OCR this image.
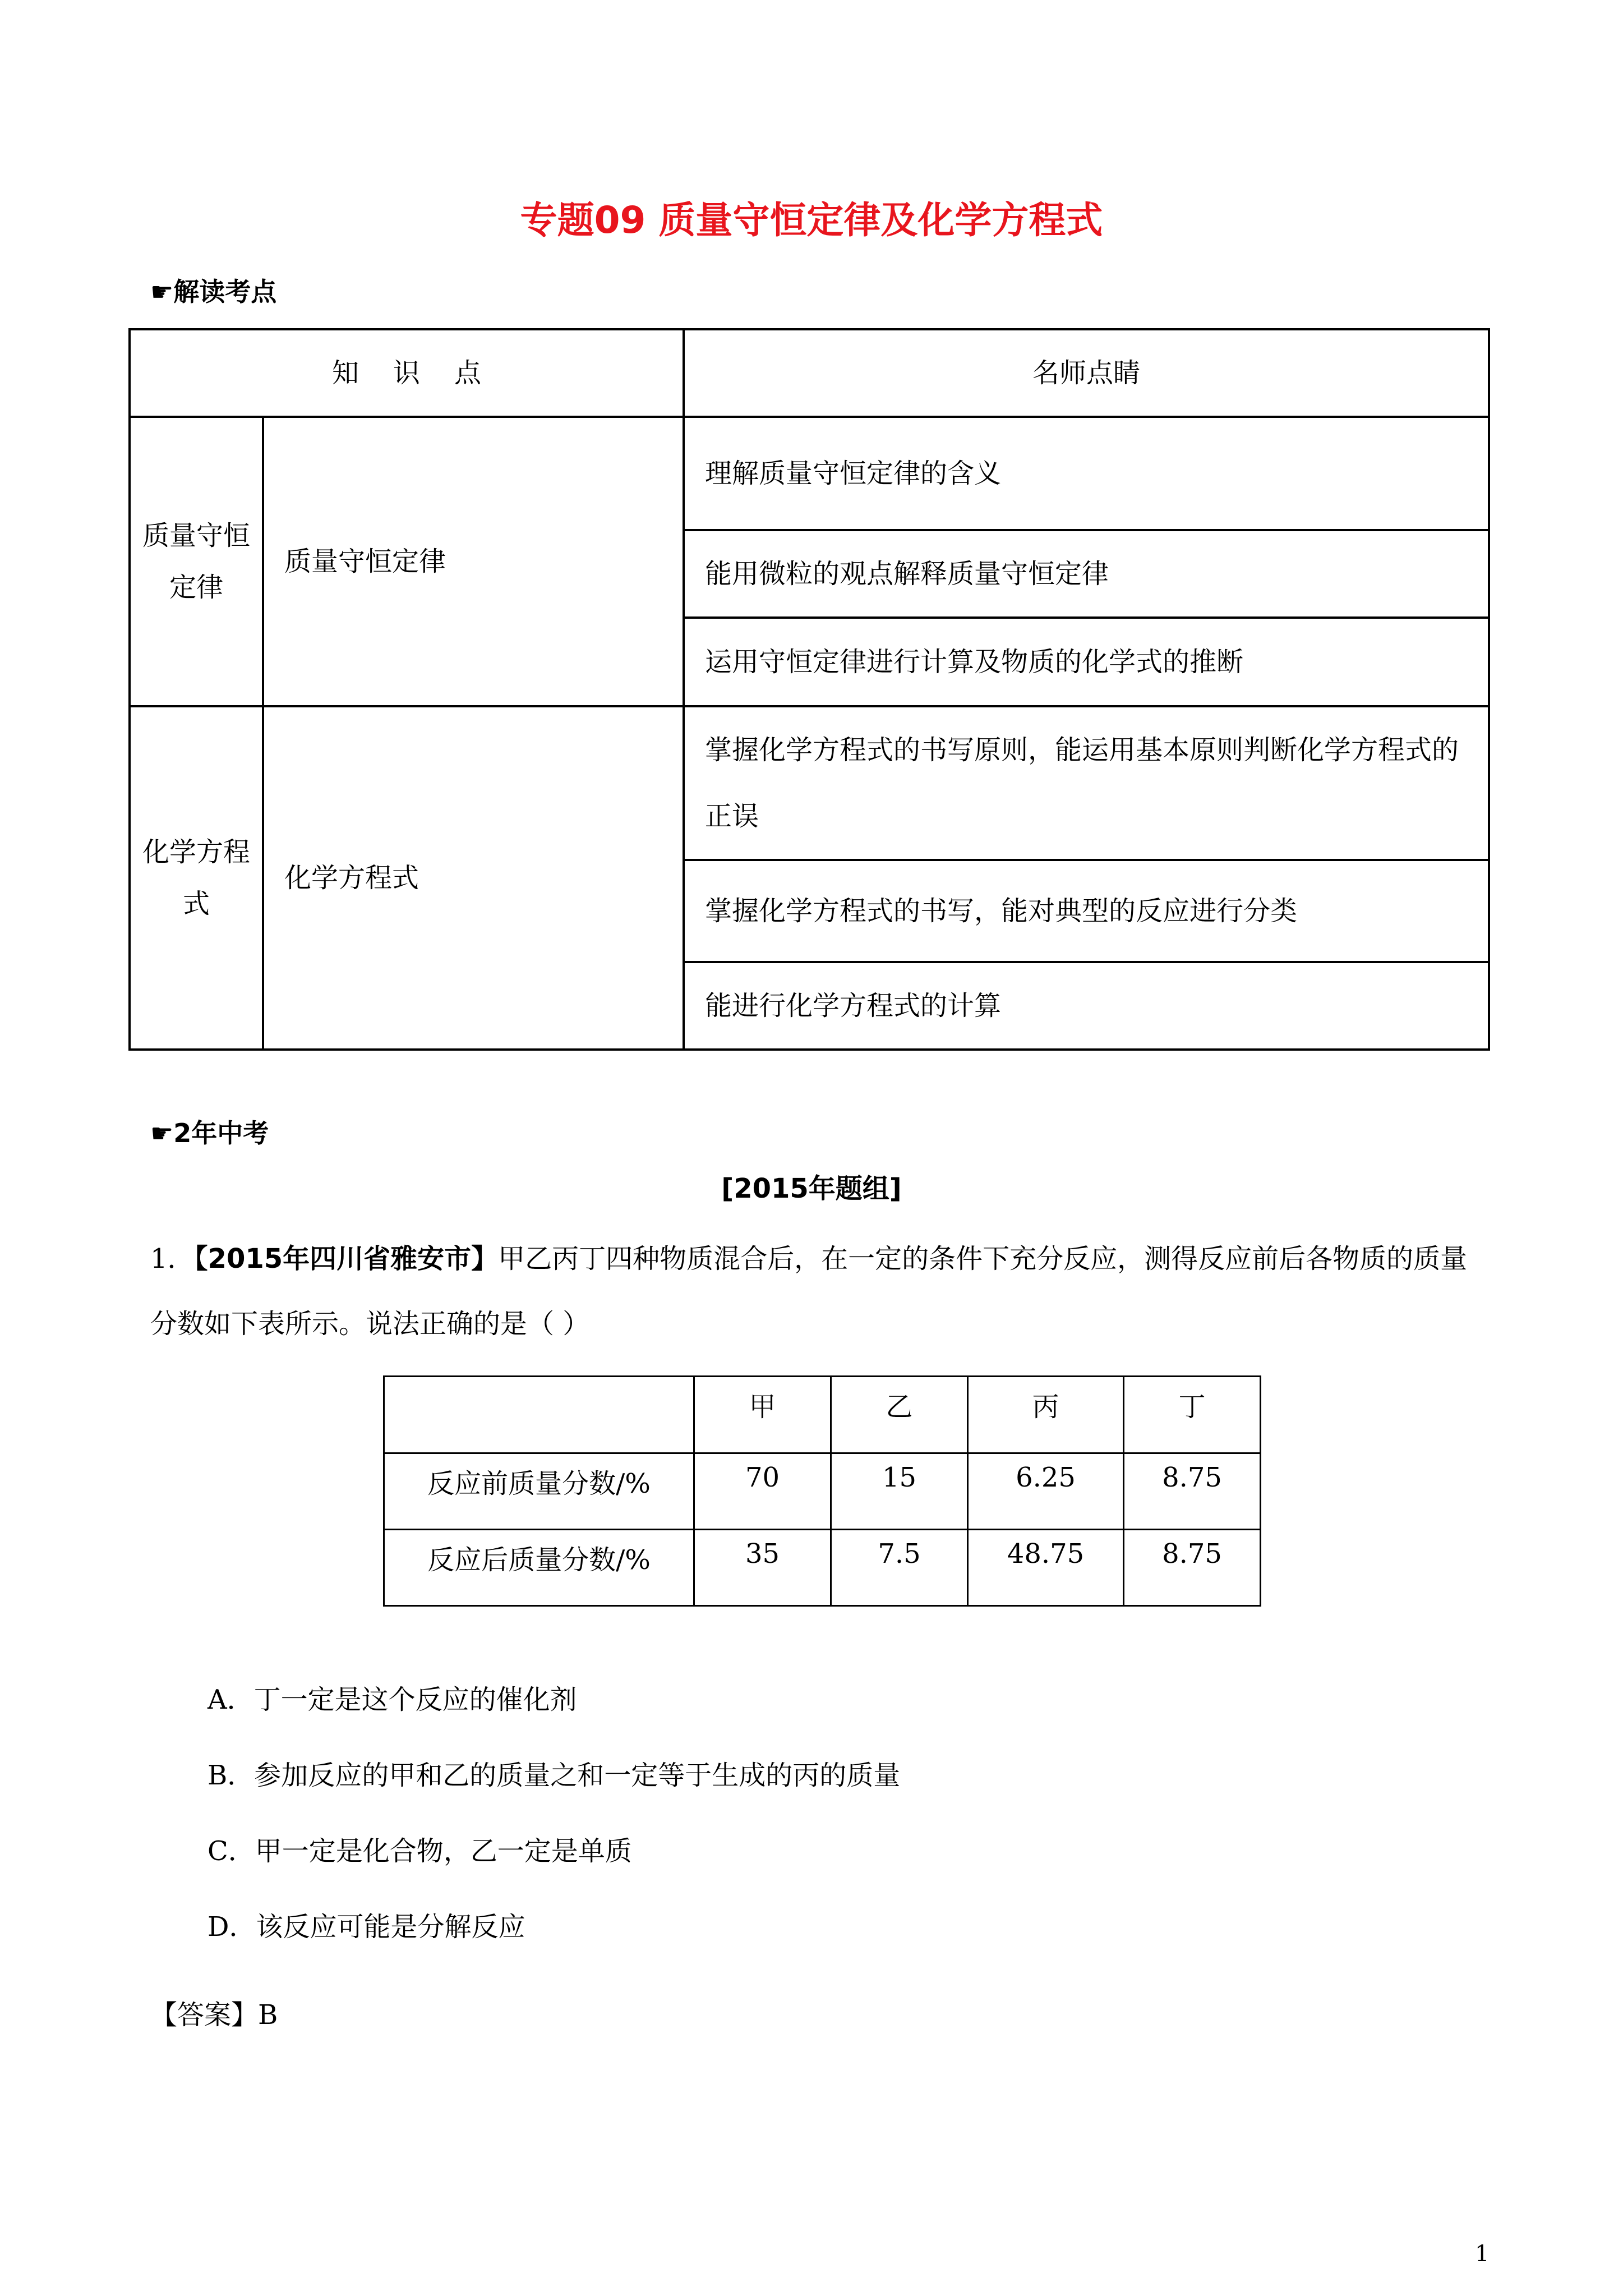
专题09 质量守恒定律及化学方程式
☛解读考点
知    识    点		名师点睛
质量守恒定律	质量守恒定律	理解质量守恒定律的含义
		能用微粒的观点解释质量守恒定律
		运用守恒定律进行计算及物质的化学式的推断
化学方程式	化学方程式	掌握化学方程式的书写原则，能运用基本原则判断化学方程式的正误
		掌握化学方程式的书写，能对典型的反应进行分类
		能进行化学方程式的计算
☛2年中考
[2015年题组]
1．【2015年四川省雅安市】甲乙丙丁四种物质混合后，在一定的条件下充分反应，测得反应前后各物质的质量分数如下表所示。说法正确的是（ ）
	甲	乙	丙	丁
反应前质量分数/%	70	15	6.25	8.75
反应后质量分数/%	35	7.5	48.75	8.75
A．丁一定是这个反应的催化剂
B．参加反应的甲和乙的质量之和一定等于生成的丙的质量
C．甲一定是化合物，乙一定是单质
D．该反应可能是分解反应
【答案】B
1
